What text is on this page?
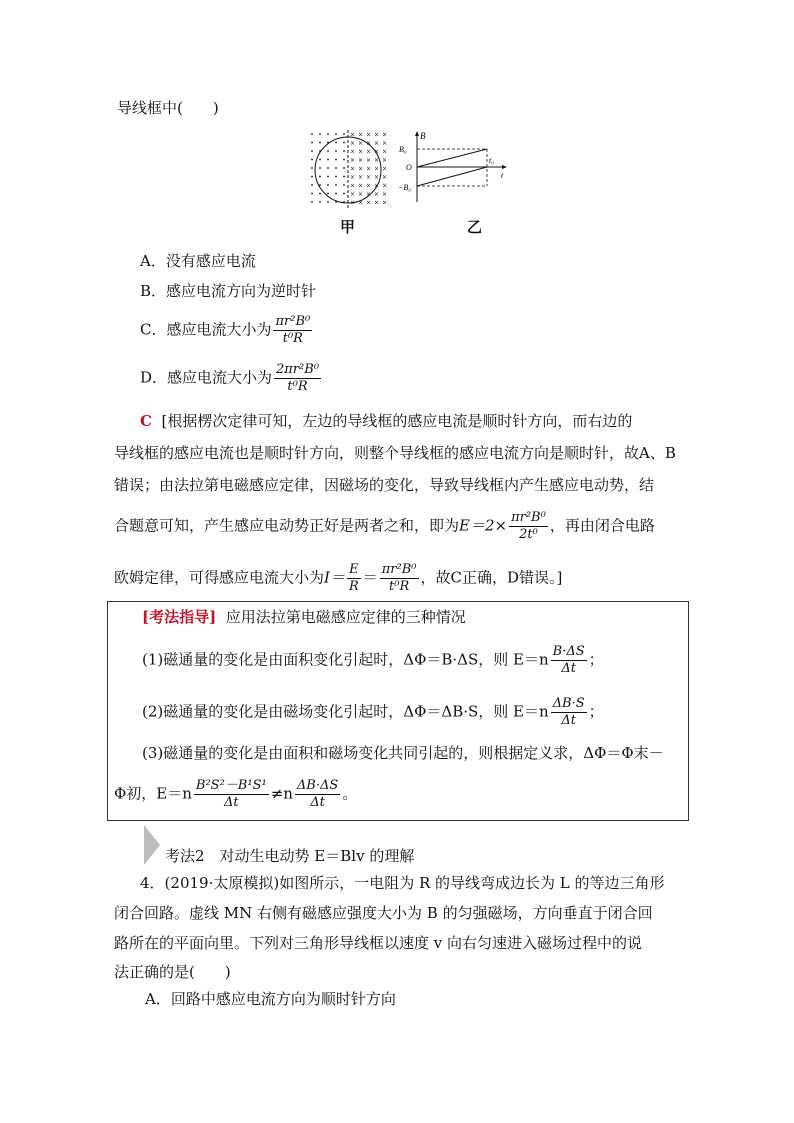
导线框中(　　)
× × × × ×
× × × × ×
× × × × ×
× × × × ×
× × × × ×
× × × × ×
× × × × ×
× × × × ×
× × × × ×
B
B₀
O
−B₀
t₀
t
甲	乙
A．没有感应电流
B．感应电流方向为逆时针
C．感应电流大小为 $\frac{\text{πr²B⁰}}{\text{t⁰R}}$
D．感应电流大小为 $\frac{\text{2πr²B⁰}}{\text{t⁰R}}$
C [根据楞次定律可知，左边的导线框的感应电流是顺时针方向，而右边的
导线框的感应电流也是顺时针方向，则整个导线框的感应电流方向是顺时针，故A、B
错误；由法拉第电磁感应定律，因磁场的变化，导致导线框内产生感应电动势，结
合题意可知，产生感应电动势正好是两者之和，即为$E=2\times \frac{\text{πr²B⁰}}{\text{2t⁰}}$ ，再由闭合电路
欧姆定律，可得感应电流大小为$I= \frac{E}{R} = \frac{\text{πr²B⁰}}{\text{t⁰R}}$ ，故C正确，D错误。]
[考法指导] 应用法拉第电磁感应定律的三种情况
(1)磁通量的变化是由面积变化引起时，ΔΦ＝B·ΔS，则 $E=n \frac{B\cdot\Delta S}{\Delta t}$ ；
(2)磁通量的变化是由磁场变化引起时，ΔΦ＝ΔB·S，则 $E=n \frac{\Delta B\cdot S}{\Delta t}$ ；
(3)磁通量的变化是由面积和磁场变化共同引起的，则根据定义求，ΔΦ＝Φ末－
Φ初，$E=n \frac{\text{B²S²－B¹S¹}}{\Delta t} \ne n \frac{\Delta B\cdot\Delta S}{\Delta t}$ 。
考法2　对动生电动势 E＝Blv 的理解
4．(2019·太原模拟)如图所示，一电阻为 R 的导线弯成边长为 L 的等边三角形
闭合回路。虚线 MN 右侧有磁感应强度大小为 B 的匀强磁场，方向垂直于闭合回
路所在的平面向里。下列对三角形导线框以速度 v 向右匀速进入磁场过程中的说
法正确的是(　　)
A．回路中感应电流方向为顺时针方向
